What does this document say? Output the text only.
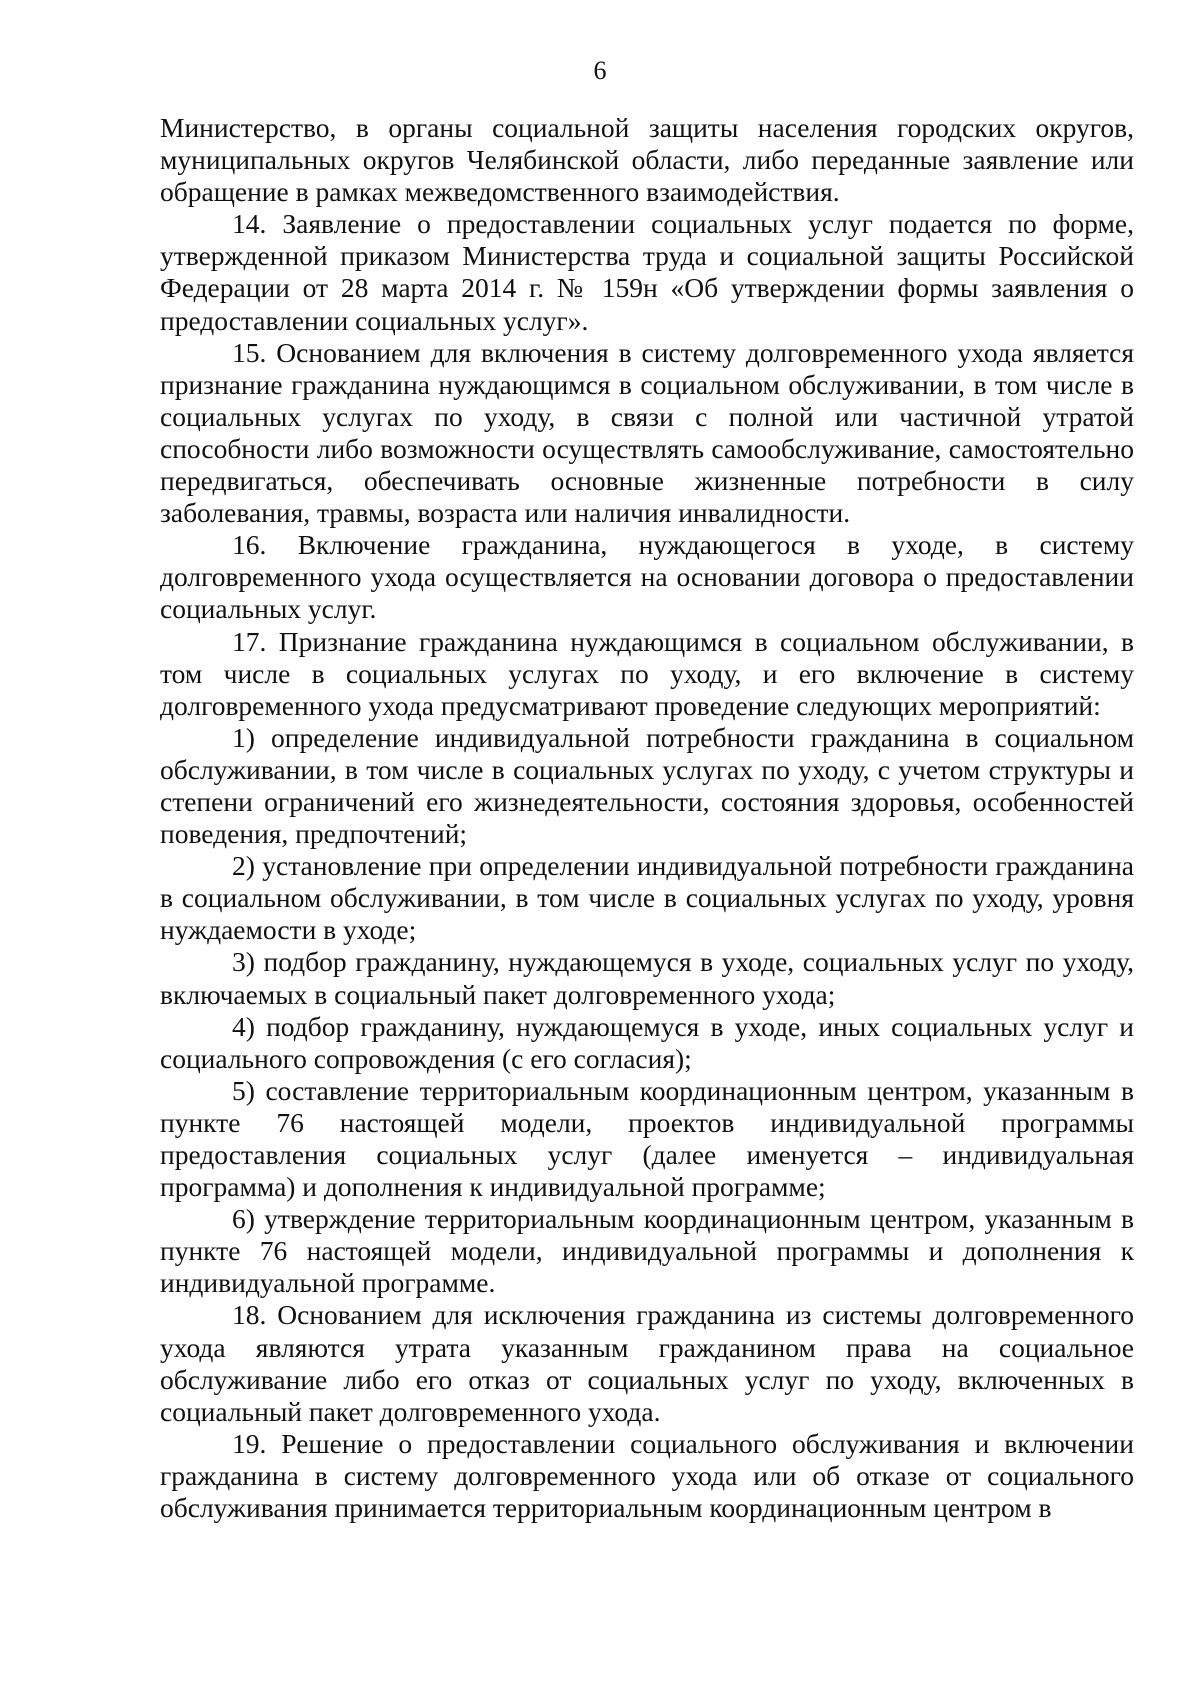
6

Министерство, в органы социальной защиты населения городских округов, муниципальных округов Челябинской области, либо переданные заявление или обращение в рамках межведомственного взаимодействия.

14. Заявление о предоставлении социальных услуг подается по форме, утвержденной приказом Министерства труда и социальной защиты Российской Федерации от 28 марта 2014 г. № 159н «Об утверждении формы заявления о предоставлении социальных услуг».

15. Основанием для включения в систему долговременного ухода является признание гражданина нуждающимся в социальном обслуживании, в том числе в социальных услугах по уходу, в связи с полной или частичной утратой способности либо возможности осуществлять самообслуживание, самостоятельно передвигаться, обеспечивать основные жизненные потребности в силу заболевания, травмы, возраста или наличия инвалидности.

16. Включение гражданина, нуждающегося в уходе, в систему долговременного ухода осуществляется на основании договора о предоставлении социальных услуг.

17. Признание гражданина нуждающимся в социальном обслуживании, в том числе в социальных услугах по уходу, и его включение в систему долговременного ухода предусматривают проведение следующих мероприятий:

1) определение индивидуальной потребности гражданина в социальном обслуживании, в том числе в социальных услугах по уходу, с учетом структуры и степени ограничений его жизнедеятельности, состояния здоровья, особенностей поведения, предпочтений;

2) установление при определении индивидуальной потребности гражданина в социальном обслуживании, в том числе в социальных услугах по уходу, уровня нуждаемости в уходе;

3) подбор гражданину, нуждающемуся в уходе, социальных услуг по уходу, включаемых в социальный пакет долговременного ухода;

4) подбор гражданину, нуждающемуся в уходе, иных социальных услуг и социального сопровождения (с его согласия);

5) составление территориальным координационным центром, указанным в пункте 76 настоящей модели, проектов индивидуальной программы предоставления социальных услуг (далее именуется – индивидуальная программа) и дополнения к индивидуальной программе;

6) утверждение территориальным координационным центром, указанным в пункте 76 настоящей модели, индивидуальной программы и дополнения к индивидуальной программе.

18. Основанием для исключения гражданина из системы долговременного ухода являются утрата указанным гражданином права на социальное обслуживание либо его отказ от социальных услуг по уходу, включенных в социальный пакет долговременного ухода.

19. Решение о предоставлении социального обслуживания и включении гражданина в систему долговременного ухода или об отказе от социального обслуживания принимается территориальным координационным центром в
